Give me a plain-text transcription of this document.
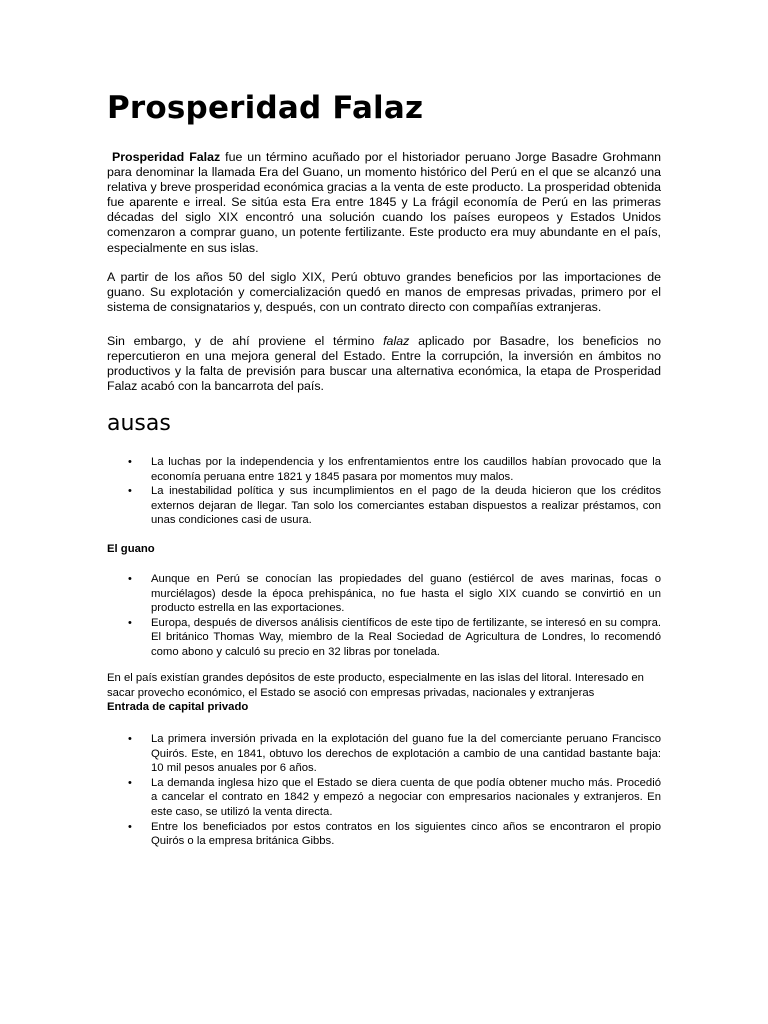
Prosperidad Falaz

Prosperidad Falaz fue un término acuñado por el historiador peruano Jorge Basadre Grohmann para denominar la llamada Era del Guano, un momento histórico del Perú en el que se alcanzó una relativa y breve prosperidad económica gracias a la venta de este producto. La prosperidad obtenida fue aparente e irreal. Se sitúa esta Era entre 1845 y La frágil economía de Perú en las primeras décadas del siglo XIX encontró una solución cuando los países europeos y Estados Unidos comenzaron a comprar guano, un potente fertilizante. Este producto era muy abundante en el país, especialmente en sus islas.

A partir de los años 50 del siglo XIX, Perú obtuvo grandes beneficios por las importaciones de guano. Su explotación y comercialización quedó en manos de empresas privadas, primero por el sistema de consignatarios y, después, con un contrato directo con compañías extranjeras.

Sin embargo, y de ahí proviene el término falaz aplicado por Basadre, los beneficios no repercutieron en una mejora general del Estado. Entre la corrupción, la inversión en ámbitos no productivos y la falta de previsión para buscar una alternativa económica, la etapa de Prosperidad Falaz acabó con la bancarrota del país.

ausas
• La luchas por la independencia y los enfrentamientos entre los caudillos habían provocado que la economía peruana entre 1821 y 1845 pasara por momentos muy malos.
• La inestabilidad política y sus incumplimientos en el pago de la deuda hicieron que los créditos externos dejaran de llegar. Tan solo los comerciantes estaban dispuestos a realizar préstamos, con unas condiciones casi de usura.

El guano

• Aunque en Perú se conocían las propiedades del guano (estiércol de aves marinas, focas o murciélagos) desde la época prehispánica, no fue hasta el siglo XIX cuando se convirtió en un producto estrella en las exportaciones.
• Europa, después de diversos análisis científicos de este tipo de fertilizante, se interesó en su compra. El británico Thomas Way, miembro de la Real Sociedad de Agricultura de Londres, lo recomendó como abono y calculó su precio en 32 libras por tonelada.

En el país existían grandes depósitos de este producto, especialmente en las islas del litoral. Interesado en sacar provecho económico, el Estado se asoció con empresas privadas, nacionales y extranjeras

Entrada de capital privado

• La primera inversión privada en la explotación del guano fue la del comerciante peruano Francisco Quirós. Este, en 1841, obtuvo los derechos de explotación a cambio de una cantidad bastante baja: 10 mil pesos anuales por 6 años.
• La demanda inglesa hizo que el Estado se diera cuenta de que podía obtener mucho más. Procedió a cancelar el contrato en 1842 y empezó a negociar con empresarios nacionales y extranjeros. En este caso, se utilizó la venta directa.
• Entre los beneficiados por estos contratos en los siguientes cinco años se encontraron el propio Quirós o la empresa británica Gibbs.
